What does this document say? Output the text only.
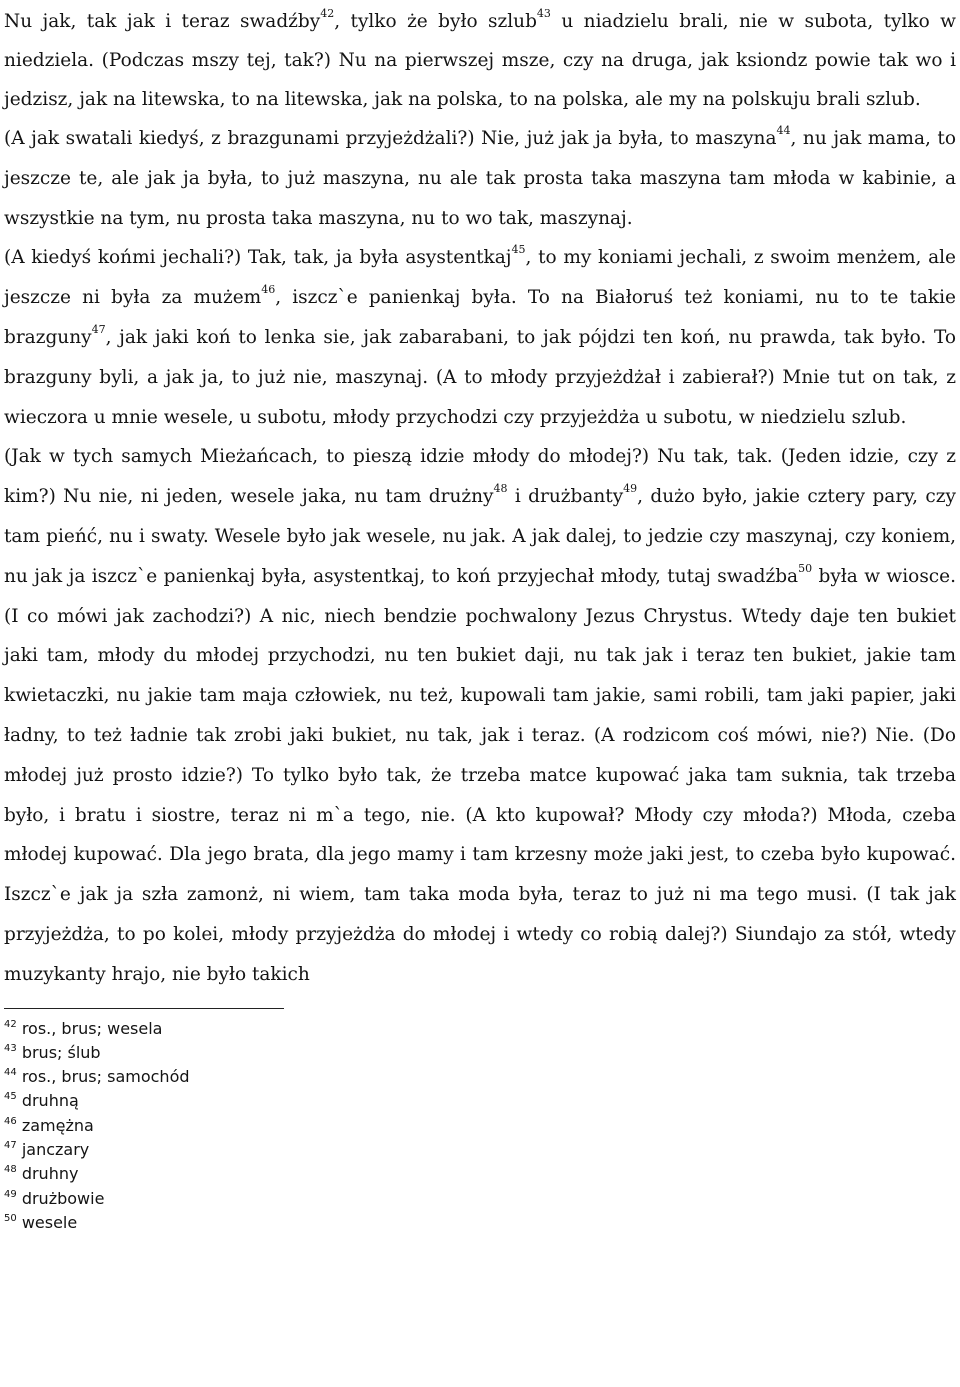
Nu jak, tak jak i teraz swadźby$^{42}$, tylko że było szlub$^{43}$ u niadzielu brali, nie w subota, tylko w niedziela. (Podczas mszy tej, tak?) Nu na pierwszej msze, czy na druga, jak ksiondz powie tak wo i jedzisz, jak na litewska, to na litewska, jak na polska, to na polska, ale my na polskuju brali szlub.

(A jak swatali kiedyś, z brazgunami przyjeżdżali?) Nie, już jak ja była, to maszyna$^{44}$, nu jak mama, to jeszcze te, ale jak ja była, to już maszyna, nu ale tak prosta taka maszyna tam młoda w kabinie, a wszystkie na tym, nu prosta taka maszyna, nu to wo tak, maszynaj.

(A kiedyś końmi jechali?) Tak, tak, ja była asystentkaj$^{45}$, to my koniami jechali, z swoim menżem, ale jeszcze ni była za mużem$^{46}$, iszcz`e panienkaj była. To na Białoruś też koniami, nu to te takie brazguny$^{47}$, jak jaki koń to lenka sie, jak zabarabani, to jak pójdzi ten koń, nu prawda, tak było. To brazguny byli, a jak ja, to już nie, maszynaj. (A to młody przyjeżdżał i zabierał?) Mnie tut on tak, z wieczora u mnie wesele, u subotu, młody przychodzi czy przyjeżdża u subotu, w niedzielu szlub.

(Jak w tych samych Mieżańcach, to pieszą idzie młody do młodej?) Nu tak, tak. (Jeden idzie, czy z kim?) Nu nie, ni jeden, wesele jaka, nu tam drużny$^{48}$ i drużbanty$^{49}$, dużo było, jakie cztery pary, czy tam pieńć, nu i swaty. Wesele było jak wesele, nu jak. A jak dalej, to jedzie czy maszynaj, czy koniem, nu jak ja iszcz`e panienkaj była, asystentkaj, to koń przyjechał młody, tutaj swadźba$^{50}$ była w wiosce. (I co mówi jak zachodzi?) A nic, niech bendzie pochwalony Jezus Chrystus. Wtedy daje ten bukiet jaki tam, młody du młodej przychodzi, nu ten bukiet daji, nu tak jak i teraz ten bukiet, jakie tam kwietaczki, nu jakie tam maja człowiek, nu też, kupowali tam jakie, sami robili, tam jaki papier, jaki ładny, to też ładnie tak zrobi jaki bukiet, nu tak, jak i teraz. (A rodzicom coś mówi, nie?) Nie. (Do młodej już prosto idzie?) To tylko było tak, że trzeba matce kupować jaka tam suknia, tak trzeba było, i bratu i siostre, teraz ni m`a tego, nie. (A kto kupował? Młody czy młoda?) Młoda, czeba młodej kupować. Dla jego brata, dla jego mamy i tam krzesny może jaki jest, to czeba było kupować. Iszcz`e jak ja szła zamonż, ni wiem, tam taka moda była, teraz to już ni ma tego musi. (I tak jak przyjeżdża, to po kolei, młody przyjeżdża do młodej i wtedy co robią dalej?) Siundajo za stół, wtedy muzykanty hrajo, nie było takich

$^{42}$ ros., brus; wesela
$^{43}$ brus; ślub
$^{44}$ ros., brus; samochód
$^{45}$ druhną
$^{46}$ zamężna
$^{47}$ janczary
$^{48}$ druhny
$^{49}$ drużbowie
$^{50}$ wesele
